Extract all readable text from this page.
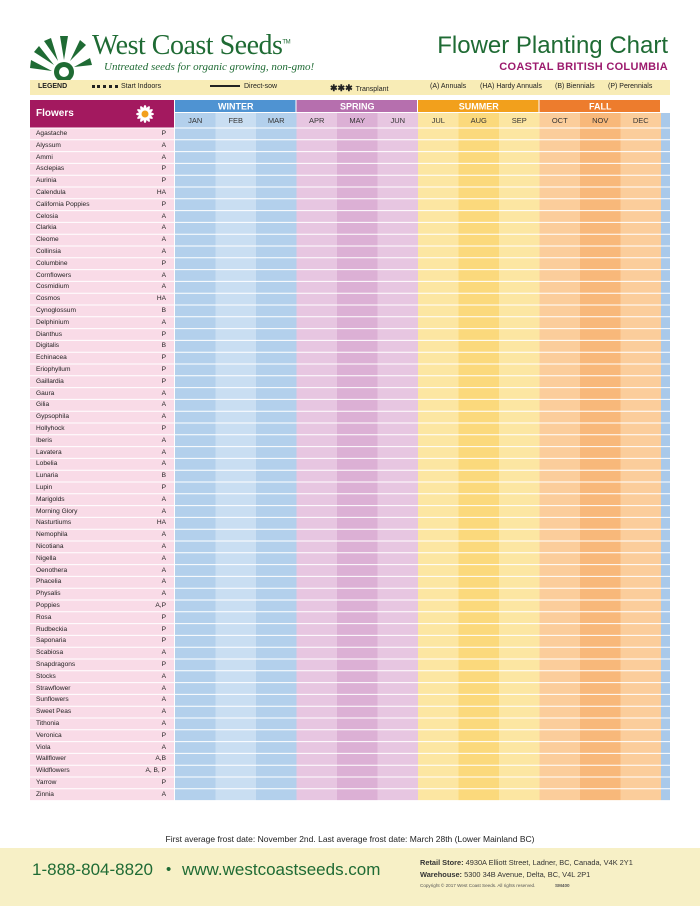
West Coast Seeds™
Untreated seeds for organic growing, non-gmo!
Flower Planting Chart
COASTAL BRITISH COLUMBIA
LEGEND	Start Indoors	Direct-sow	✱✱✱ Transplant	(A) Annuals (HA) Hardy Annuals (B) Biennials (P) Perennials
Flowers
WINTER	SPRING	SUMMER	FALL
JAN	FEB	MAR	APR	MAY	JUN	JUL	AUG	SEP	OCT	NOV	DEC
Agastache	P
Alyssum	A
Ammi	A
Asclepias	P
Aurinia	P
Calendula	HA
California Poppies	P
Celosia	A
Clarkia	A
Cleome	A
Collinsia	A
Columbine	P
Cornflowers	A
Cosmidium	A
Cosmos	HA
Cynoglossum	B
Delphinium	A
Dianthus	P
Digitalis	B
Echinacea	P
Eriophyllum	P
Gaillardia	P
Gaura	A
Gilia	A
Gypsophila	A
Hollyhock	P
Iberis	A
Lavatera	A
Lobelia	A
Lunaria	B
Lupin	P
Marigolds	A
Morning Glory	A
Nasturtiums	HA
Nemophila	A
Nicotiana	A
Nigella	A
Oenothera	A
Phacelia	A
Physalis	A
Poppies	A,P
Rosa	P
Rudbeckia	P
Saponaria	P
Scabiosa	A
Snapdragons	P
Stocks	A
Strawflower	A
Sunflowers	A
Sweet Peas	A
Tithonia	A
Veronica	P
Viola	A
Wallflower	A,B
Wildflowers	A, B, P
Yarrow	P
Zinnia	A
First average frost date: November 2nd. Last average frost date: March 28th (Lower Mainland BC)
1-888-804-8820 • www.westcoastseeds.com	Retail Store: 4930A Elliott Street, Ladner, BC, Canada, V4K 2Y1
Warehouse: 5300 34B Avenue, Delta, BC, V4L 2P1
Copyright © 2017 West Coast Seeds. All rights reserved.	SM400
